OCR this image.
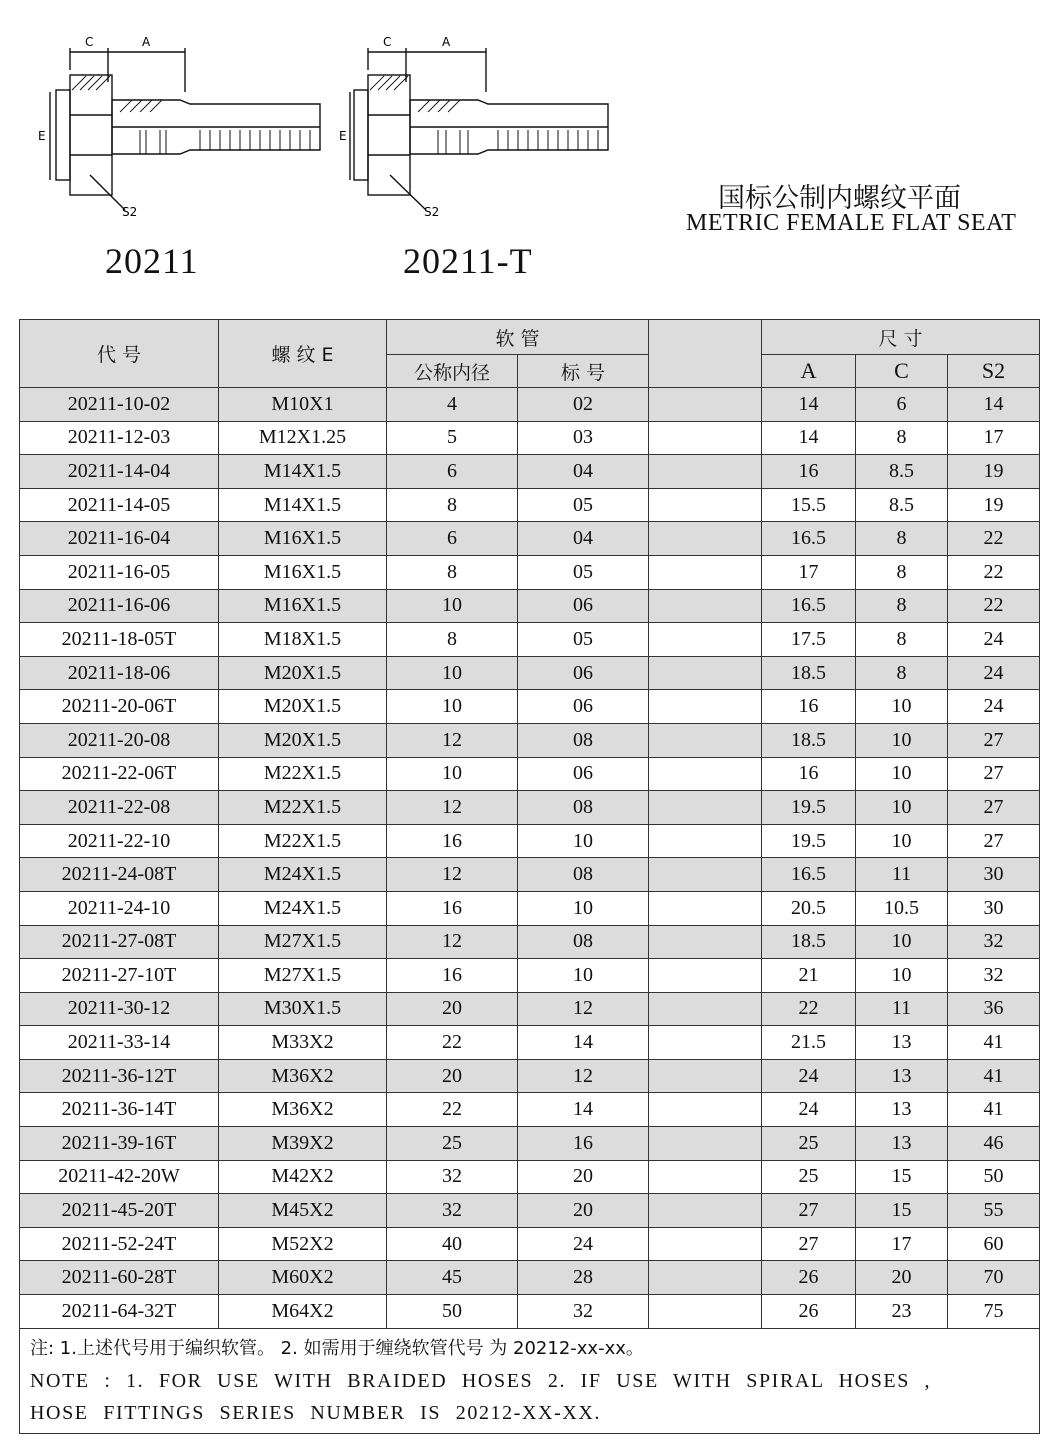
C	A
E
S2
C	A
E
S2
20211	20211-T
国标公制内螺纹平面
METRIC FEMALE FLAT SEAT
代 号	螺 纹 E	软 管			尺 寸		
		公称内径	标 号		A	C	S2
20211-10-02	M10X1	4	02		14	6	14
20211-12-03	M12X1.25	5	03		14	8	17
20211-14-04	M14X1.5	6	04		16	8.5	19
20211-14-05	M14X1.5	8	05		15.5	8.5	19
20211-16-04	M16X1.5	6	04		16.5	8	22
20211-16-05	M16X1.5	8	05		17	8	22
20211-16-06	M16X1.5	10	06		16.5	8	22
20211-18-05T	M18X1.5	8	05		17.5	8	24
20211-18-06	M20X1.5	10	06		18.5	8	24
20211-20-06T	M20X1.5	10	06		16	10	24
20211-20-08	M20X1.5	12	08		18.5	10	27
20211-22-06T	M22X1.5	10	06		16	10	27
20211-22-08	M22X1.5	12	08		19.5	10	27
20211-22-10	M22X1.5	16	10		19.5	10	27
20211-24-08T	M24X1.5	12	08		16.5	11	30
20211-24-10	M24X1.5	16	10		20.5	10.5	30
20211-27-08T	M27X1.5	12	08		18.5	10	32
20211-27-10T	M27X1.5	16	10		21	10	32
20211-30-12	M30X1.5	20	12		22	11	36
20211-33-14	M33X2	22	14		21.5	13	41
20211-36-12T	M36X2	20	12		24	13	41
20211-36-14T	M36X2	22	14		24	13	41
20211-39-16T	M39X2	25	16		25	13	46
20211-42-20W	M42X2	32	20		25	15	50
20211-45-20T	M45X2	32	20		27	15	55
20211-52-24T	M52X2	40	24		27	17	60
20211-60-28T	M60X2	45	28		26	20	70
20211-64-32T	M64X2	50	32		26	23	75

注: 1.上述代号用于编织软管。 2. 如需用于缠绕软管代号 为 20212-xx-xx。
NOTE : 1. FOR USE WITH BRAIDED HOSES 2. IF USE WITH SPIRAL HOSES ,
HOSE FITTINGS SERIES NUMBER IS 20212-XX-XX.							
